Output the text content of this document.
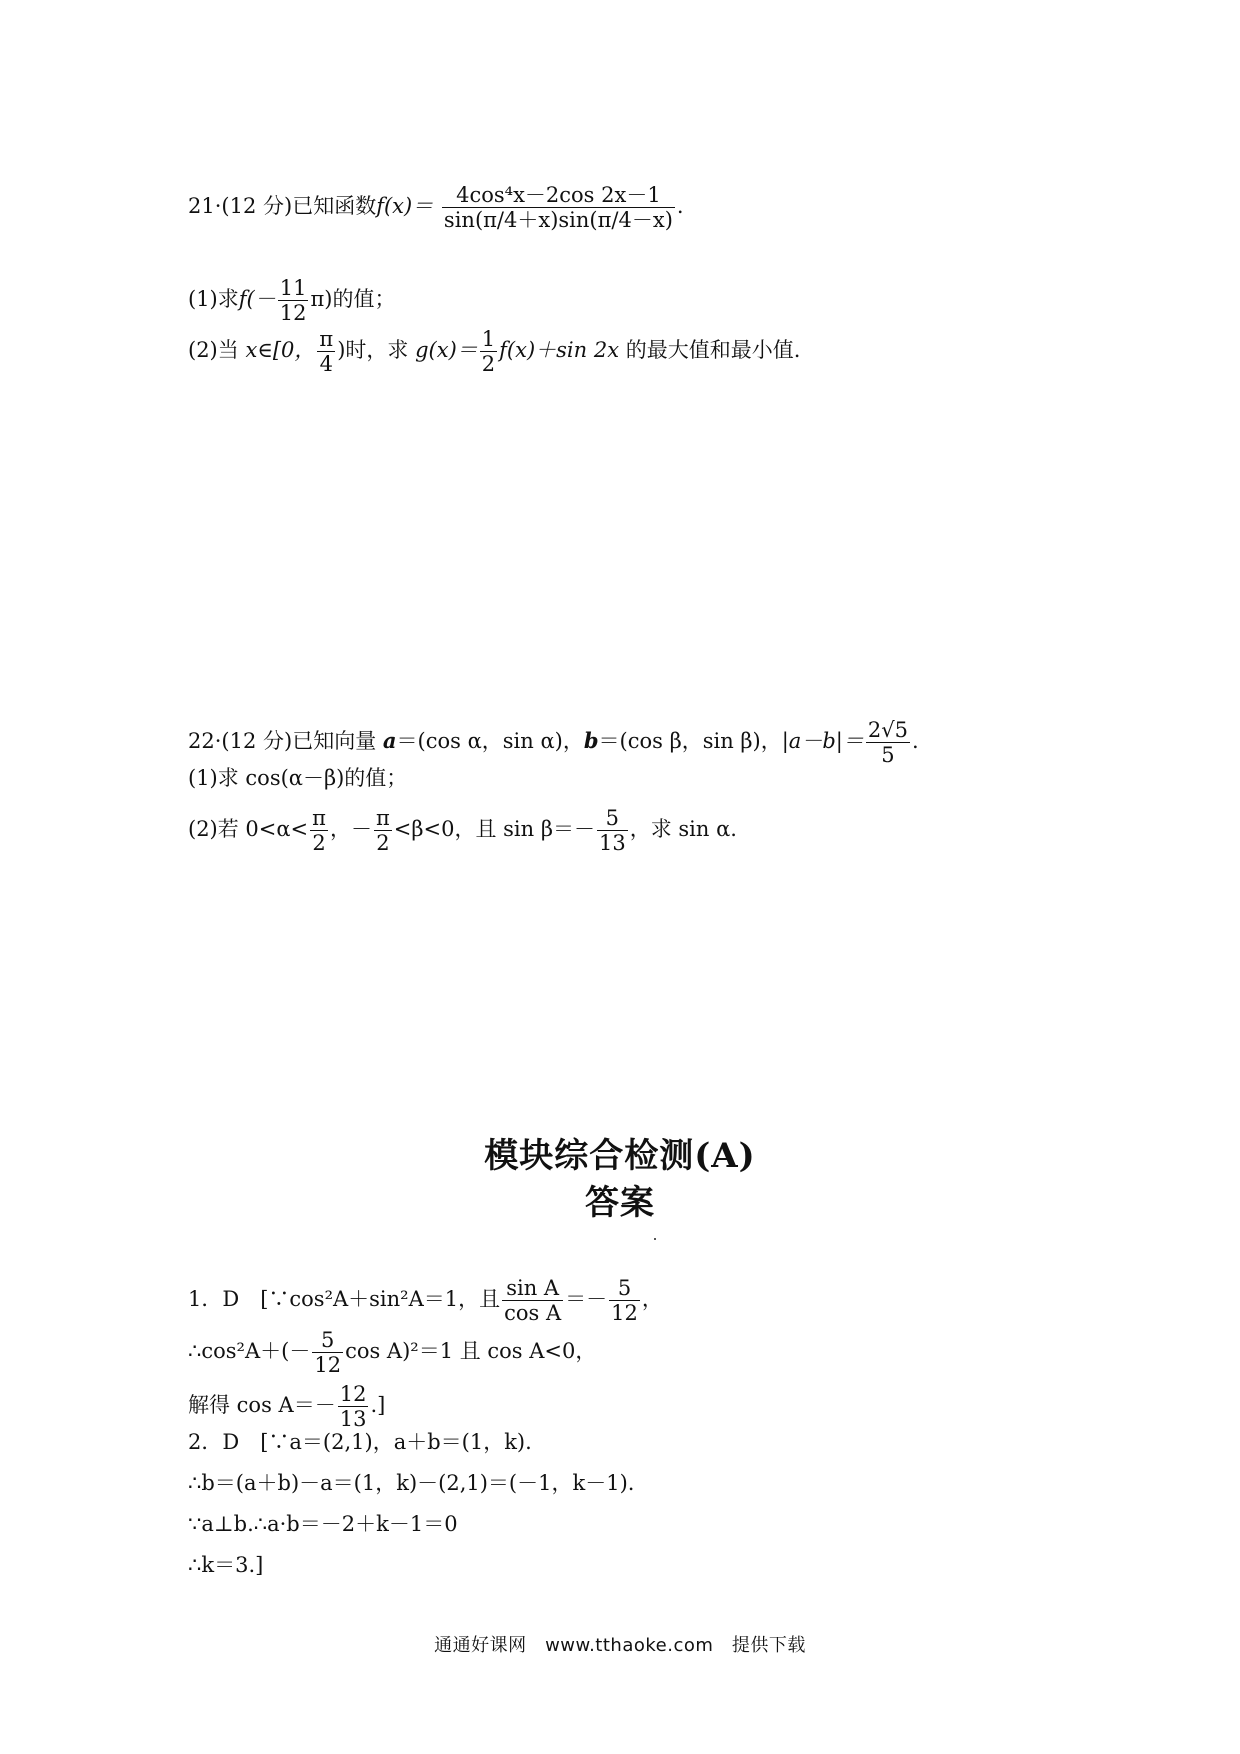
21·(12 分)已知函数$f(x)= \frac{\text{4cos⁴x－2cos 2x－1}}{\sin(\pi/4+x)\sin(\pi/4-x)}$ .
(1)求$f(- \frac{11}{12} \pi)$的值；
(2)当 x∈[0， $\frac{\pi}{4}$ )时，求 $g(x)= \frac{1}{2} f(x)+\sin$ 2x 的最大值和最小值.
22·(12 分)已知向量 a＝(cos α，sin α)，b＝(cos β，sin β)，$|a-b|= \frac{2√5}{5}$ .
(1)求 cos(α－β)的值；
(2)若 $0<\alpha< \frac{\pi}{2}$ ，－ $\frac{\pi}{2} <\beta<0$，且 $\sin \beta=- \frac{5}{13}$ ，求 sin α.
模块综合检测(A)
答案
1．D　[∵cos²A＋sin²A＝1，且 $\frac{\text{sin A}}{\text{cos A}} =- \frac{5}{12}$ ，
∴cos²A＋(－ $\frac{5}{12}$ cos A)²＝1 且 cos A<0，
解得 $\cos A=- \frac{12}{13}$ .]
2．D　[∵a＝(2,1)，a＋b＝(1，k).
∴b＝(a＋b)－a＝(1，k)－(2,1)＝(－1，k－1).
∵a⊥b.∴a·b＝－2＋k－1＝0
∴k＝3.]
通通好课网　www.tthaoke.com　提供下载
